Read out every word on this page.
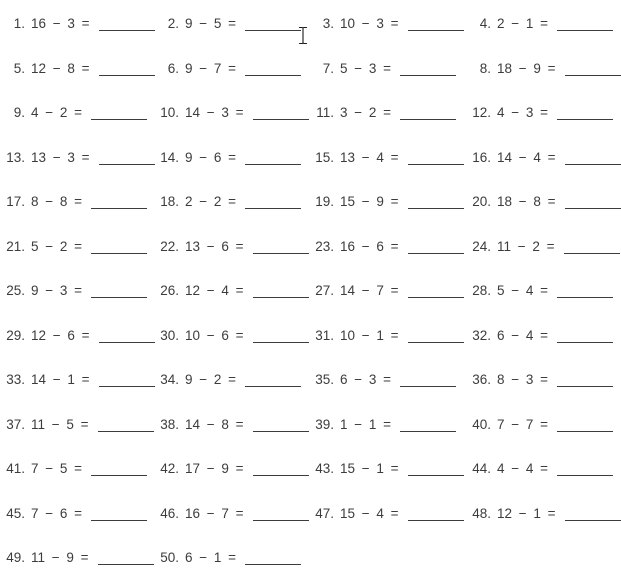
1. 16 − 3 =	2. 9 − 5 =	3. 10 − 3 =	4. 2 − 1 =
5. 12 − 8 =	6. 9 − 7 =	7. 5 − 3 =	8. 18 − 9 =
9. 4 − 2 =	10. 14 − 3 =	11. 3 − 2 =	12. 4 − 3 =
13. 13 − 3 =	14. 9 − 6 =	15. 13 − 4 =	16. 14 − 4 =
17. 8 − 8 =	18. 2 − 2 =	19. 15 − 9 =	20. 18 − 8 =
21. 5 − 2 =	22. 13 − 6 =	23. 16 − 6 =	24. 11 − 2 =
25. 9 − 3 =	26. 12 − 4 =	27. 14 − 7 =	28. 5 − 4 =
29. 12 − 6 =	30. 10 − 6 =	31. 10 − 1 =	32. 6 − 4 =
33. 14 − 1 =	34. 9 − 2 =	35. 6 − 3 =	36. 8 − 3 =
37. 11 − 5 =	38. 14 − 8 =	39. 1 − 1 =	40. 7 − 7 =
41. 7 − 5 =	42. 17 − 9 =	43. 15 − 1 =	44. 4 − 4 =
45. 7 − 6 =	46. 16 − 7 =	47. 15 − 4 =	48. 12 − 1 =
49. 11 − 9 =	50. 6 − 1 =
